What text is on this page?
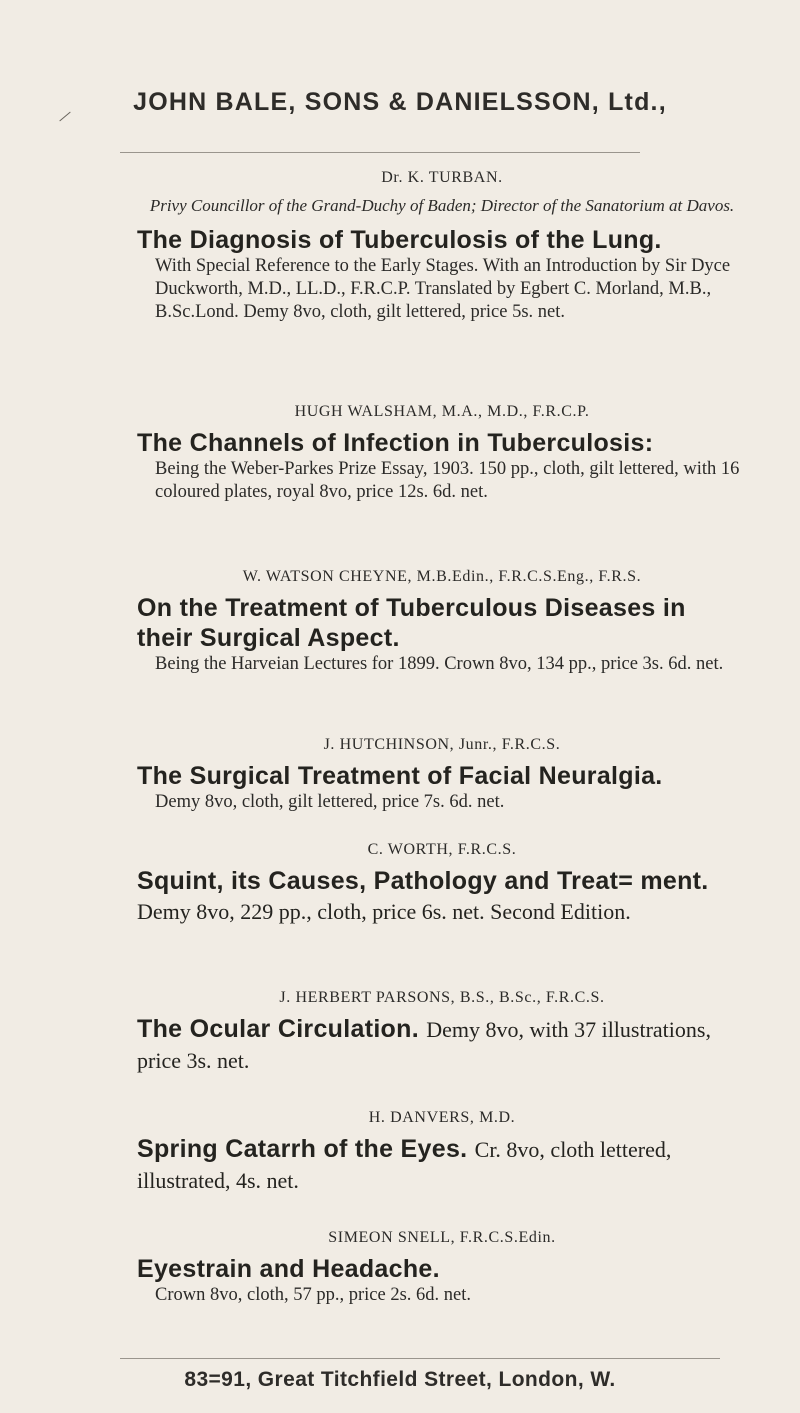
JOHN BALE, SONS & DANIELSSON, Ltd.,
Dr. K. TURBAN.
Privy Councillor of the Grand-Duchy of Baden; Director of the Sanatorium at Davos.
The Diagnosis of Tuberculosis of the Lung.
With Special Reference to the Early Stages. With an Introduction by Sir Dyce Duckworth, M.D., LL.D., F.R.C.P. Translated by Egbert C. Morland, M.B., B.Sc.Lond. Demy 8vo, cloth, gilt lettered, price 5s. net.
HUGH WALSHAM, M.A., M.D., F.R.C.P.
The Channels of Infection in Tuberculosis:
Being the Weber-Parkes Prize Essay, 1903. 150 pp., cloth, gilt lettered, with 16 coloured plates, royal 8vo, price 12s. 6d. net.
W. WATSON CHEYNE, M.B.Edin., F.R.C.S.Eng., F.R.S.
On the Treatment of Tuberculous Diseases in their Surgical Aspect.
Being the Harveian Lectures for 1899. Crown 8vo, 134 pp., price 3s. 6d. net.
J. HUTCHINSON, Junr., F.R.C.S.
The Surgical Treatment of Facial Neuralgia.
Demy 8vo, cloth, gilt lettered, price 7s. 6d. net.
C. WORTH, F.R.C.S.
Squint, its Causes, Pathology and Treat= ment. Demy 8vo, 229 pp., cloth, price 6s. net. Second Edition.
J. HERBERT PARSONS, B.S., B.Sc., F.R.C.S.
The Ocular Circulation. Demy 8vo, with 37 illustrations, price 3s. net.
H. DANVERS, M.D.
Spring Catarrh of the Eyes. Cr. 8vo, cloth lettered, illustrated, 4s. net.
SIMEON SNELL, F.R.C.S.Edin.
Eyestrain and Headache.
Crown 8vo, cloth, 57 pp., price 2s. 6d. net.
83=91, Great Titchfield Street, London, W.
